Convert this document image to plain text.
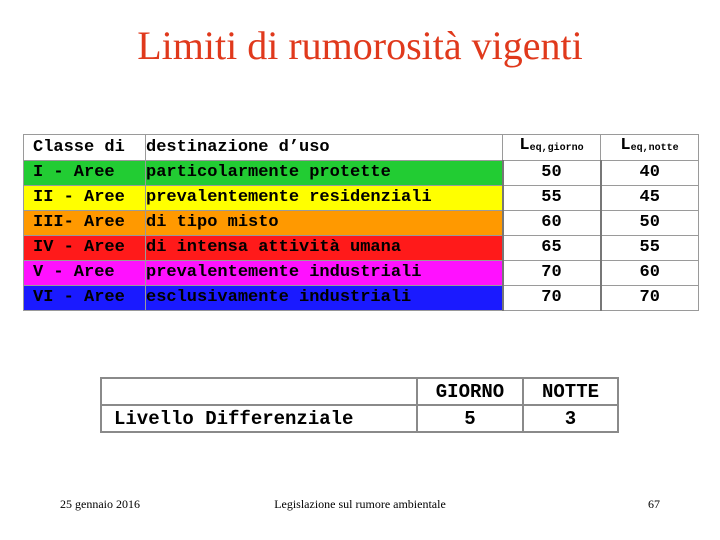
Limiti di rumorosità vigenti
Classe di	destinazione d’uso	$L_{eq,giorno}$	$L_{eq,notte}$
I - Aree	particolarmente protette	50	40
II - Aree	prevalentemente residenziali	55	45
III- Aree	di tipo misto	60	50
IV - Aree	di intensa attività umana	65	55
V - Aree	prevalentemente industriali	70	60
VI - Aree	esclusivamente industriali	70	70
	GIORNO	NOTTE
Livello Differenziale	5	3
25 gennaio 2016	Legislazione sul rumore ambientale	67
